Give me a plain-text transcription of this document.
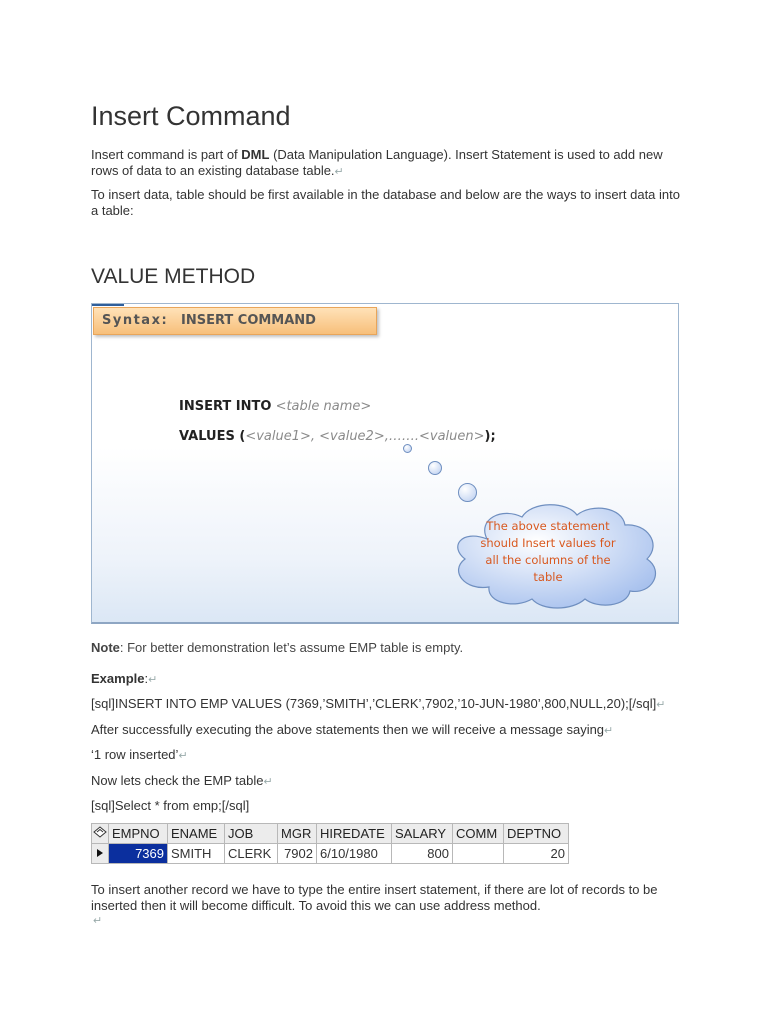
Insert Command

Insert command is part of DML (Data Manipulation Language). Insert Statement is used to add new rows of data to an existing database table.↵

To insert data, table should be first available in the database and below are the ways to insert data into a table:

VALUE METHOD
Syntax: INSERT COMMAND
INSERT INTO <table name>
VALUES (<value1>, <value2>,…….<valuen>);
The above statement should Insert values for all the columns of the table

Note: For better demonstration let’s assume EMP table is empty.

Example:↵

[sql]INSERT INTO EMP VALUES (7369,’SMITH’,’CLERK’,7902,’10-JUN-1980’,800,NULL,20);[/sql]↵

After successfully executing the above statements then we will receive a message saying↵

‘1 row inserted’↵

Now lets check the EMP table↵

[sql]Select * from emp;[/sql]

	EMPNO	ENAME	JOB	MGR	HIREDATE	SALARY	COMM	DEPTNO
	7369	SMITH	CLERK	7902	6/10/1980	800		20

To insert another record we have to type the entire insert statement, if there are lot of records to be inserted then it will become difficult. To avoid this we can use address method.

↵
